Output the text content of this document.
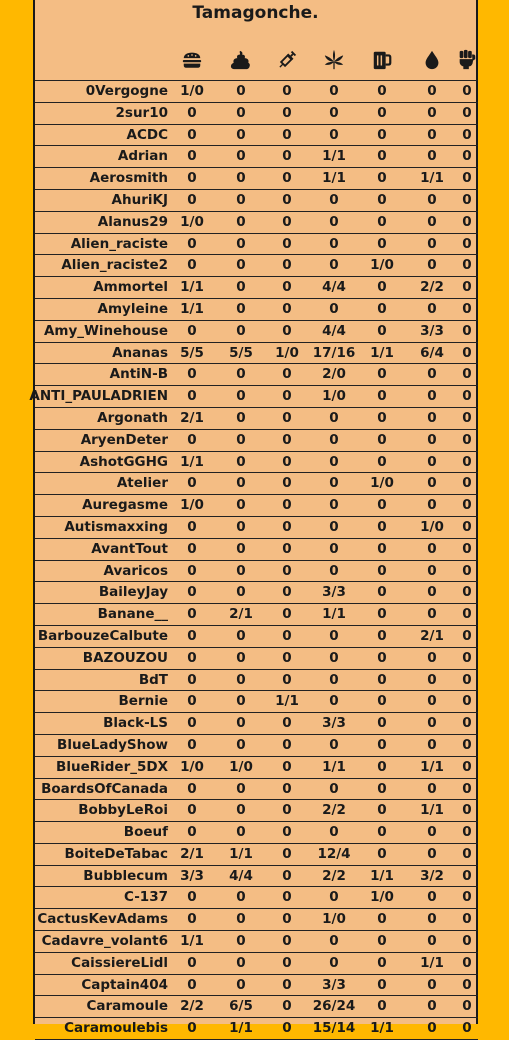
Tamagonche.
0Vergogne 1/0 0	0	0	0	0 0
2sur10 0	0	0	0	0	0 0
ACDC 0	0	0	0	0	0 0
Adrian 0	0	0 1/1 0	0 0
Aerosmith 0	0	0 1/1 0 1/1 0
AhuriKJ 0	0	0	0	0	0 0
Alanus29 1/0 0	0	0	0	0 0
Alien_raciste 0	0	0	0	0	0 0
Alien_raciste2 0	0	0	0 1/0 0 0
Ammortel 1/1 0	0 4/4 0 2/2 0
Amyleine 1/1 0	0	0	0	0 0
Amy_Winehouse 0	0	0 4/4 0 3/3 0
Ananas 5/5 5/5 1/0 17/16 1/1 6/4 0
AntiN-B 0	0	0 2/0 0	0 0
ANTI_PAULADRIEN 0	0	0 1/0 0	0 0
Argonath 2/1 0	0	0	0	0 0
AryenDeter 0	0	0	0	0	0 0
AshotGGHG 1/1 0	0	0	0	0 0
Atelier 0	0	0	0 1/0 0 0
Auregasme 1/0 0	0	0	0	0 0
Autismaxxing 0	0	0	0	0 1/0 0
AvantTout 0	0	0	0	0	0 0
Avaricos 0	0	0	0	0	0 0
BaileyJay 0	0	0 3/3 0	0 0
Banane__ 0 2/1 0 1/1 0	0 0
BarbouzeCalbute 0	0	0	0	0 2/1 0
BAZOUZOU 0	0	0	0	0	0 0
BdT 0	0	0	0	0	0 0
Bernie 0	0 1/1 0	0	0 0
Black-LS 0	0	0 3/3 0	0 0
BlueLadyShow 0	0	0	0	0	0 0
BlueRider_5DX 1/0 1/0 0 1/1 0 1/1 0
BoardsOfCanada 0	0	0	0	0	0 0
BobbyLeRoi 0	0	0 2/2 0 1/1 0
Boeuf 0	0	0	0	0	0 0
BoiteDeTabac 2/1 1/1 0 12/4 0	0 0
Bubblecum 3/3 4/4 0 2/2 1/1 3/2 0
C-137 0	0	0	0 1/0 0 0
CactusKevAdams 0	0	0 1/0 0	0 0
Cadavre_volant6 1/1 0	0	0	0	0 0
CaissiereLidl 0	0	0	0	0 1/1 0
Captain404 0	0	0 3/3 0	0 0
Caramoule 2/2 6/5 0 26/24 0	0 0
Caramoulebis 0 1/1 0 15/14 1/1 0 0
